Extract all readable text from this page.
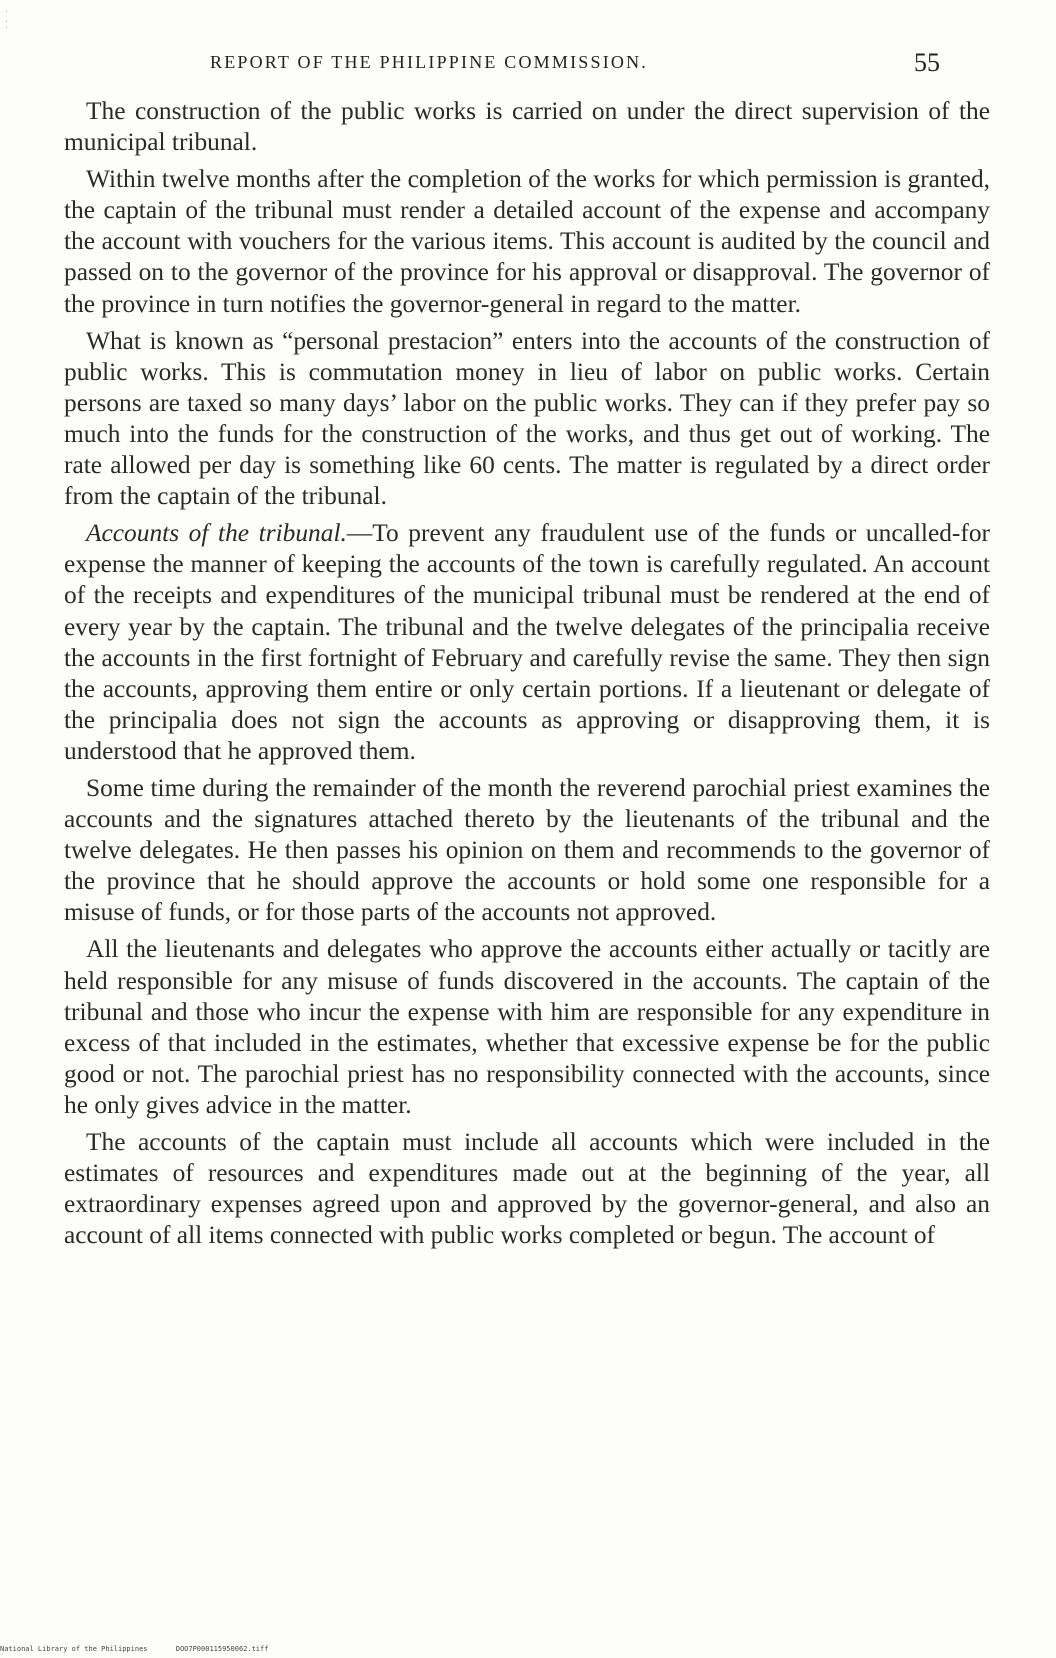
·
.
·
REPORT OF THE PHILIPPINE COMMISSION.	55

The construction of the public works is carried on under the direct supervision of the municipal tribunal.

Within twelve months after the completion of the works for which permission is granted, the captain of the tribunal must render a detailed account of the expense and accompany the account with vouchers for the various items. This account is audited by the council and passed on to the governor of the province for his approval or disapproval. The governor of the province in turn notifies the governor-general in regard to the matter.

What is known as “personal prestacion” enters into the accounts of the construction of public works. This is commutation money in lieu of labor on public works. Certain persons are taxed so many days’ labor on the public works. They can if they prefer pay so much into the funds for the construction of the works, and thus get out of working. The rate allowed per day is something like 60 cents. The matter is regulated by a direct order from the captain of the tribunal.

Accounts of the tribunal.—To prevent any fraudulent use of the funds or uncalled-for expense the manner of keeping the accounts of the town is carefully regulated. An account of the receipts and expenditures of the municipal tribunal must be rendered at the end of every year by the captain. The tribunal and the twelve delegates of the principalia receive the accounts in the first fortnight of February and carefully revise the same. They then sign the accounts, approving them entire or only certain portions. If a lieutenant or delegate of the principalia does not sign the accounts as approving or disapproving them, it is understood that he approved them.

Some time during the remainder of the month the reverend parochial priest examines the accounts and the signatures attached thereto by the lieutenants of the tribunal and the twelve delegates. He then passes his opinion on them and recommends to the governor of the province that he should approve the accounts or hold some one responsible for a misuse of funds, or for those parts of the accounts not approved.

All the lieutenants and delegates who approve the accounts either actually or tacitly are held responsible for any misuse of funds discovered in the accounts. The captain of the tribunal and those who incur the expense with him are responsible for any expenditure in excess of that included in the estimates, whether that excessive expense be for the public good or not. The parochial priest has no responsibility connected with the accounts, since he only gives advice in the matter.

The accounts of the captain must include all accounts which were included in the estimates of resources and expenditures made out at the beginning of the year, all extraordinary expenses agreed upon and approved by the governor-general, and also an account of all items connected with public works completed or begun. The account of

National Library of the Philippines	DOO7P000115950062.tiff
